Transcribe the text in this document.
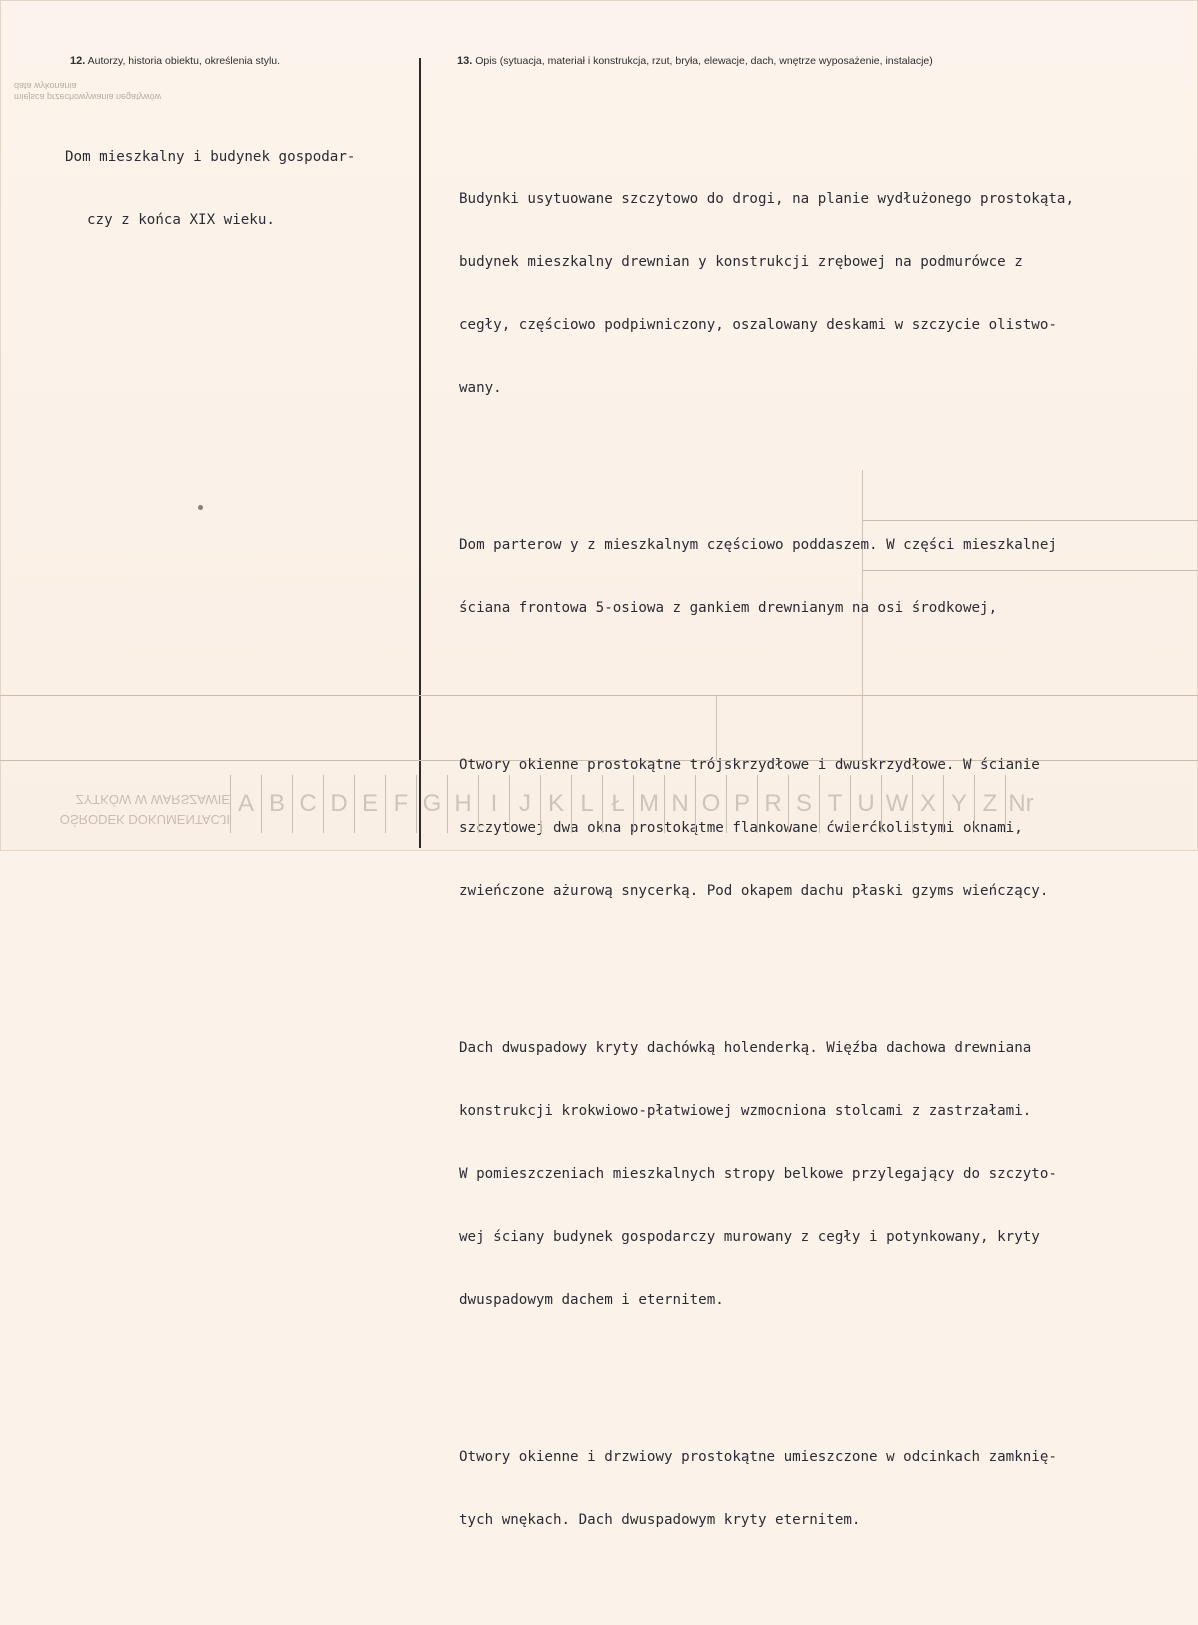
12. Autorzy, historia obiektu, określenia stylu.	13. Opis (sytuacja, materiał i konstrukcja, rzut, bryła, elewacje, dach, wnętrze wyposażenie, instalacje)
miejsca przechowywania negatywów
data wykonania

Dom mieszkalny i budynek gospodar-

czy z końca XIX wieku.

Budynki usytuowane szczytowo do drogi, na planie wydłużonego prostokąta,

budynek mieszkalny drewnian y konstrukcji zrębowej na podmurówce z

cegły, częściowo podpiwniczony, oszalowany deskami w szczycie olistwo-

wany.

Dom parterow y z mieszkalnym częściowo poddaszem. W części mieszkalnej

ściana frontowa 5-osiowa z gankiem drewnianym na osi środkowej,

Otwory okienne prostokątne trójskrzydłowe i dwuskrzydłowe. W ścianie

szczytowej dwa okna prostokątme flankowane ćwierćkolistymi oknami,

zwieńczone ażurową snycerką. Pod okapem dachu płaski gzyms wieńczący.

Dach dwuspadowy kryty dachówką holenderką. Więźba dachowa drewniana

konstrukcji krokwiowo-płatwiowej wzmocniona stolcami z zastrzałami.

W pomieszczeniach mieszkalnych stropy belkowe przylegający do szczyto-

wej ściany budynek gospodarczy murowany z cegły i potynkowany, kryty

dwuspadowym dachem i eternitem.

Otwory okienne i drzwiowy prostokątne umieszczone w odcinkach zamknię-

tych wnękach. Dach dwuspadowym kryty eternitem.

ZYTKÓW W WARSZAWIE
OŚRODEK DOKUMENTACJI
A B C D E F G H I J K L Ł M N O P R S T U W X Y Z Nr
